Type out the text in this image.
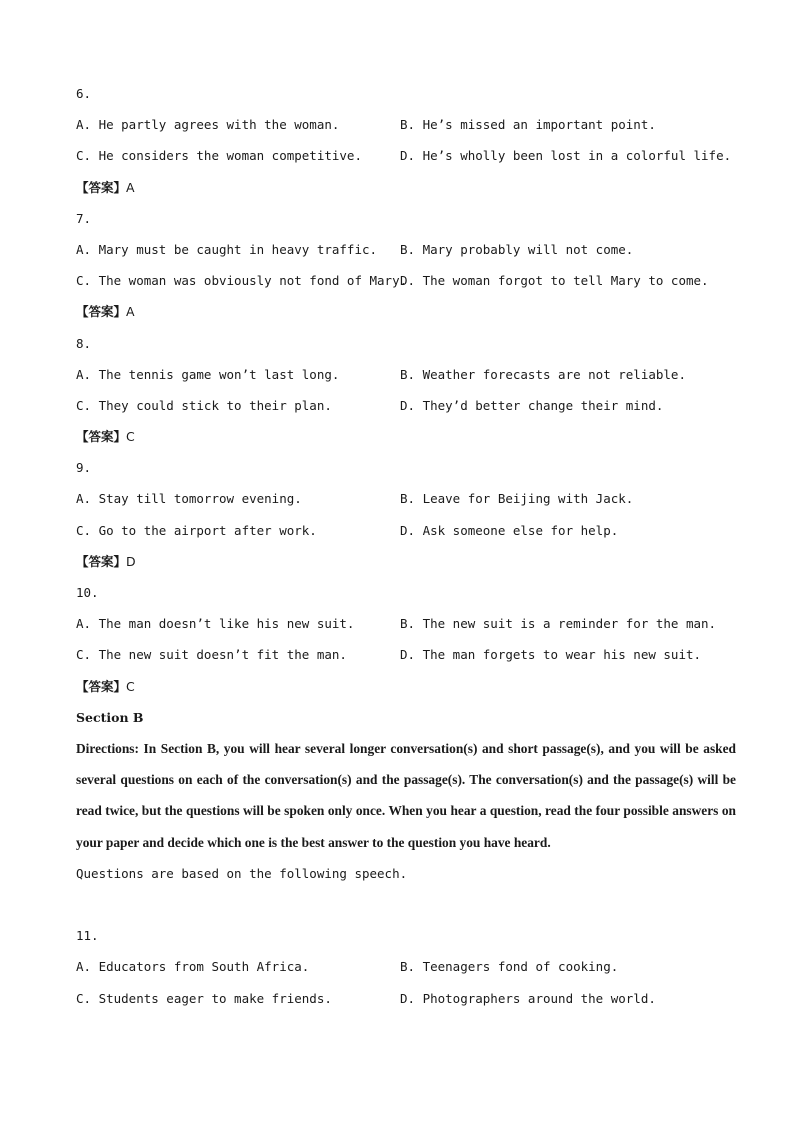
6.

A. He partly agrees with the woman.

	B. He’s missed an important point.

C. He considers the woman competitive.

	D. He’s wholly been lost in a colorful life.

【答案】A
7.

A. Mary must be caught in heavy traffic.

B. Mary probably will not come.

C. The woman was obviously not fond of Mary.

D. The woman forgot to tell Mary to come.

【答案】A
8.

A. The tennis game won’t last long.

	B. Weather forecasts are not reliable.

C. They could stick to their plan.

	D. They’d better change their mind.

【答案】C
9.

A. Stay till tomorrow evening.

	B. Leave for Beijing with Jack.

C. Go to the airport after work.

	D. Ask someone else for help.

【答案】D
10.

A. The man doesn’t like his new suit.

	B. The new suit is a reminder for the man.

C. The new suit doesn’t fit the man.

	D. The man forgets to wear his new suit.

【答案】C
Section B
Directions: In Section B, you will hear several longer conversation(s) and short passage(s), and you will be asked several questions on each of the conversation(s) and the passage(s). The conversation(s) and the passage(s) will be read twice, but the questions will be spoken only once. When you hear a question, read the four possible answers on your paper and decide which one is the best answer to the question you have heard.
Questions are based on the following speech.
11.

A. Educators from South Africa.

	B. Teenagers fond of cooking.

C. Students eager to make friends.

	D. Photographers around the world.
